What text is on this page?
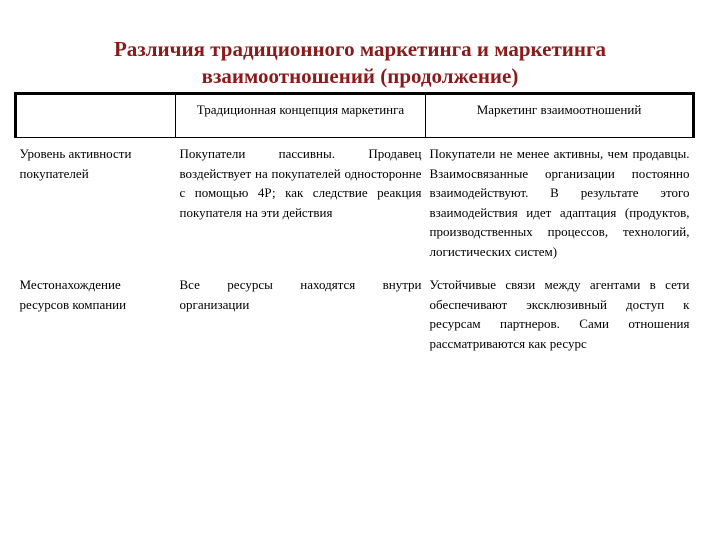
Различия традиционного маркетинга и маркетинга
взаимоотношений (продолжение)
	Традиционная концепция маркетинга	Маркетинг взаимоотношений
Уровень активности покупателей	Покупатели пассивны. Продавец воздействует на покупателей односторонне с помощью 4Р; как следствие реакция покупателя на эти действия	Покупатели не менее активны, чем продавцы. Взаимосвязанные организации постоянно взаимодействуют. В результате этого взаимодействия идет адаптация (продуктов, производственных процессов, технологий, логистических систем)
Местонахождение ресурсов компании	Все ресурсы находятся внутри организации	Устойчивые связи между агентами в сети обеспечивают эксклюзивный доступ к ресурсам партнеров. Сами отношения рассматриваются как ресурс
